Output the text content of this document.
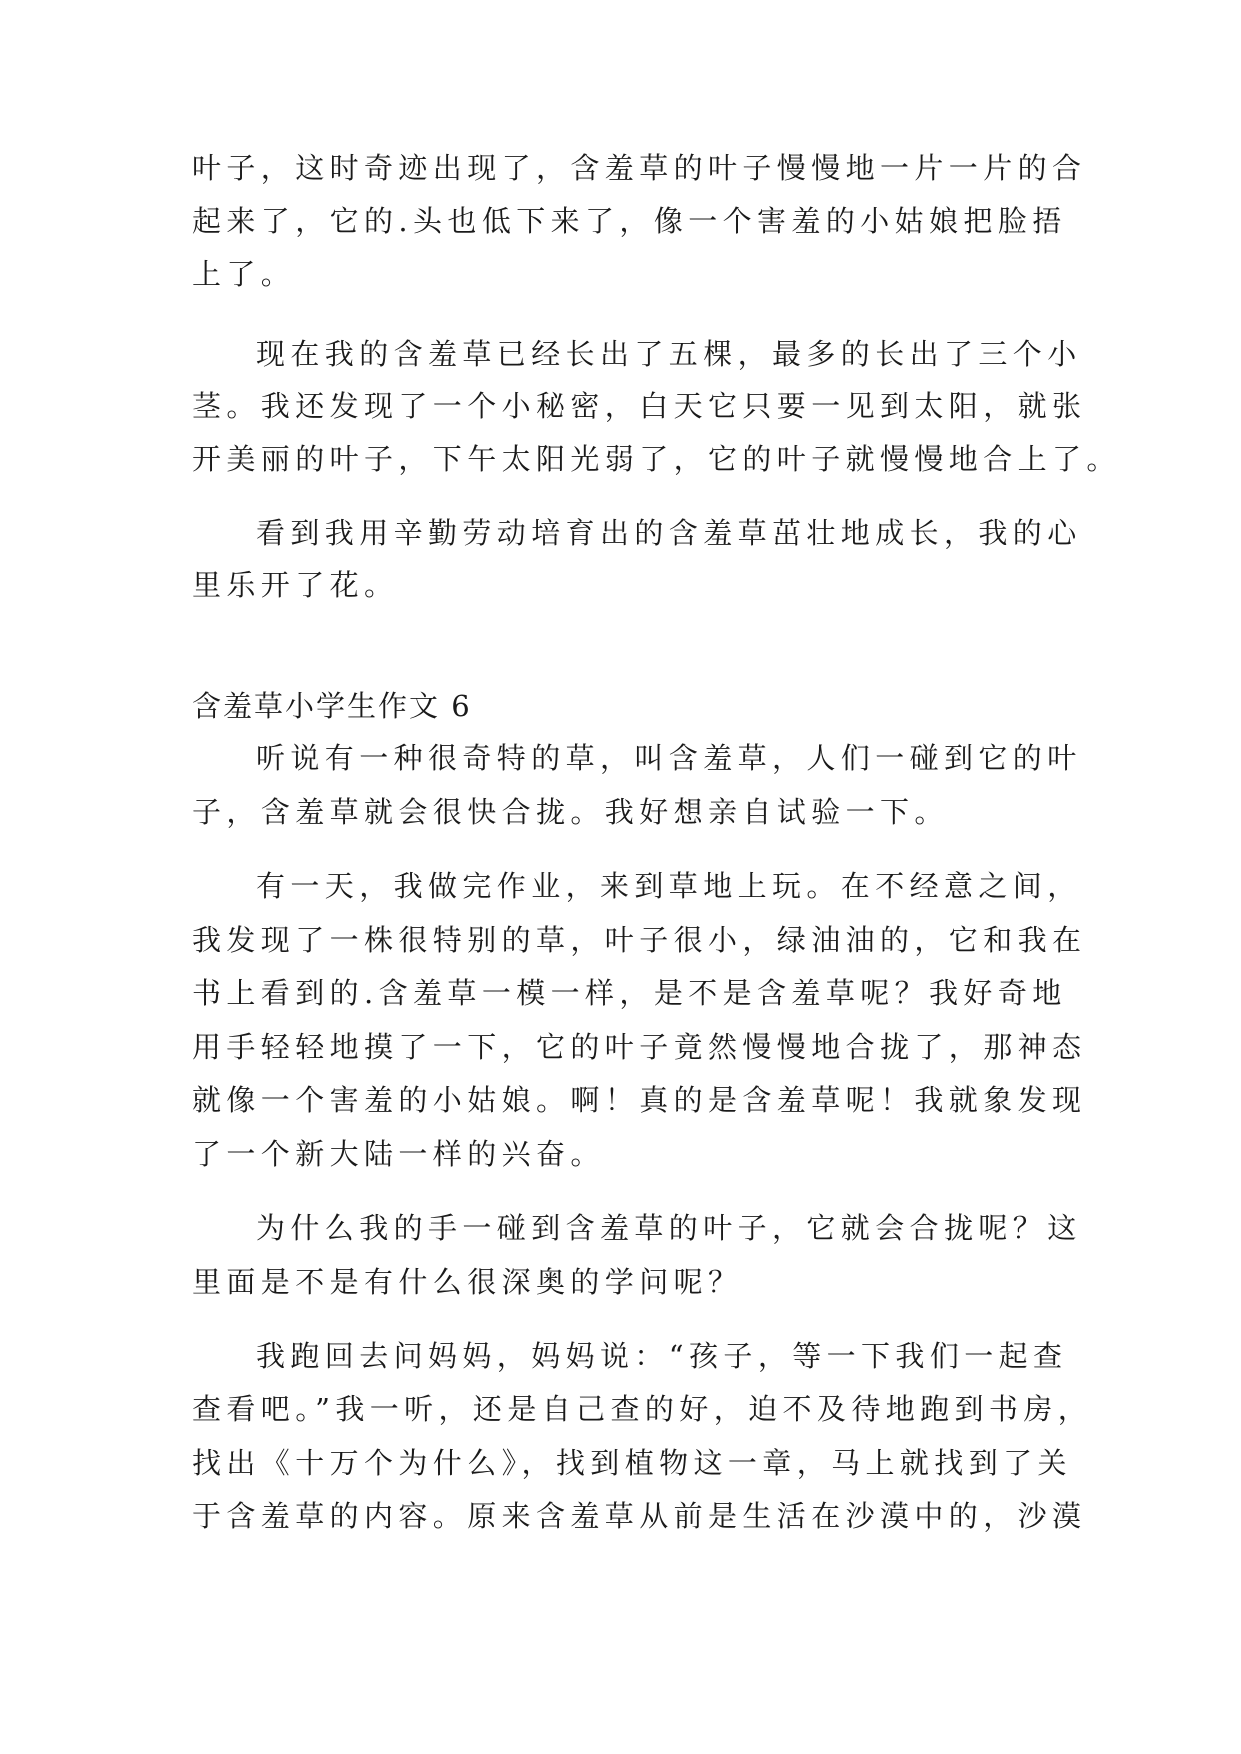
叶子，这时奇迹出现了，含羞草的叶子慢慢地一片一片的合
起来了，它的.头也低下来了，像一个害羞的小姑娘把脸捂
上了。
现在我的含羞草已经长出了五棵，最多的长出了三个小
茎。我还发现了一个小秘密，白天它只要一见到太阳，就张
开美丽的叶子，下午太阳光弱了，它的叶子就慢慢地合上了。
看到我用辛勤劳动培育出的含羞草茁壮地成长，我的心
里乐开了花。
含羞草小学生作文 6
听说有一种很奇特的草，叫含羞草，人们一碰到它的叶
子，含羞草就会很快合拢。我好想亲自试验一下。
有一天，我做完作业，来到草地上玩。在不经意之间，
我发现了一株很特别的草，叶子很小，绿油油的，它和我在
书上看到的.含羞草一模一样，是不是含羞草呢？我好奇地
用手轻轻地摸了一下，它的叶子竟然慢慢地合拢了，那神态
就像一个害羞的小姑娘。啊！真的是含羞草呢！我就象发现
了一个新大陆一样的兴奋。
为什么我的手一碰到含羞草的叶子，它就会合拢呢？这
里面是不是有什么很深奥的学问呢？
我跑回去问妈妈，妈妈说：“孩子，等一下我们一起查
查看吧。”我一听，还是自己查的好，迫不及待地跑到书房，
找出《十万个为什么》，找到植物这一章，马上就找到了关
于含羞草的内容。原来含羞草从前是生活在沙漠中的，沙漠
